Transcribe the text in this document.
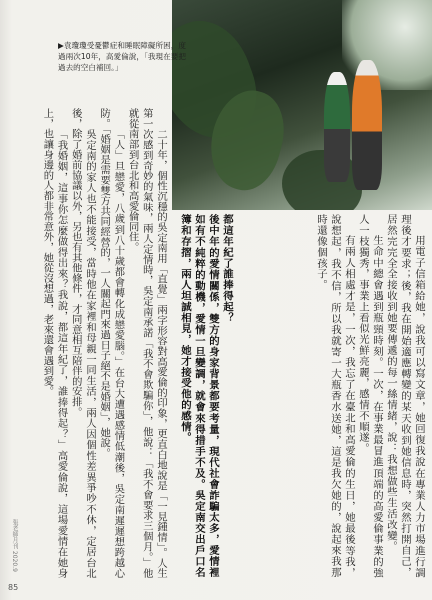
▶袁瓊瓊受憂鬱症和睡眠障礙所困，度過兩次10年，高愛倫說，「我現在要把過去的空白補回。」

用電子信箱給她，說我可以寫文章，她回復我說在專業人力市場進行調理後才要求；後，我在開始適應轉變的某天收到她信息時，突然打開自己，居然完完全全接收到她要傳遞的每一絲情緒，說：我想做些生活改變。

生命中總會遇到瓶頸時刻。一次，在事業最冒進頂端的高愛倫事業的強人一枝獨秀，事業上看似光鮮亮麗，感情不順遂。

有兩人相處才是，一次，我忘了在臺北和高愛倫的生日，她最後等我，說想起，我不信，所以我就寄一大瓶香水送她，這是我欠她的，說起來我那時還像個孩子。

都這年紀了誰捧得起？

後中年的愛情關係，雙方的身家背景都要考量，現代社會詐騙太多，愛情裡如有不純粹的動機，愛情一旦變調，就會來得措手不及。吳定南交出戶口名簿和存摺，兩人坦誠相見，她才接受他的感情。

二十年，個性沉穩的吳定南用「直覺」兩字形容對高愛倫的印象，更直白地說是「一見鍾情」。人生第一次感到奇妙的氣味，兩人定情時，吳定南承諾「我不會欺騙你」，他說：「我不會要求三個月。」他就從南部到台北和高愛倫同住。

「人」旦戀愛，八歲到八十歲都會轉化成戀愛腦。」在台大遭遇感情低潮後，吳定南遲遲想跨越心防。「婚姻是需要雙方共同經營的，一人關起門來過日子絕不是婚姻」，她說。

吳定南的家人也不能接受，當時他在家裡和母親一同生活，兩人因個性差異爭吵不休，定居台北後，除了婚前協議以外，另也有其他條件，才同意相互陪伴的安排。

「我婚姻，這事你怎麼做得出來？我說，都這年紀了，誰捧得起？」高愛倫說，這場愛情在她身上，也讓身邊的人都非常意外，她從沒想過，老來還會遇到愛。

張老師月刊 2020.9
85
